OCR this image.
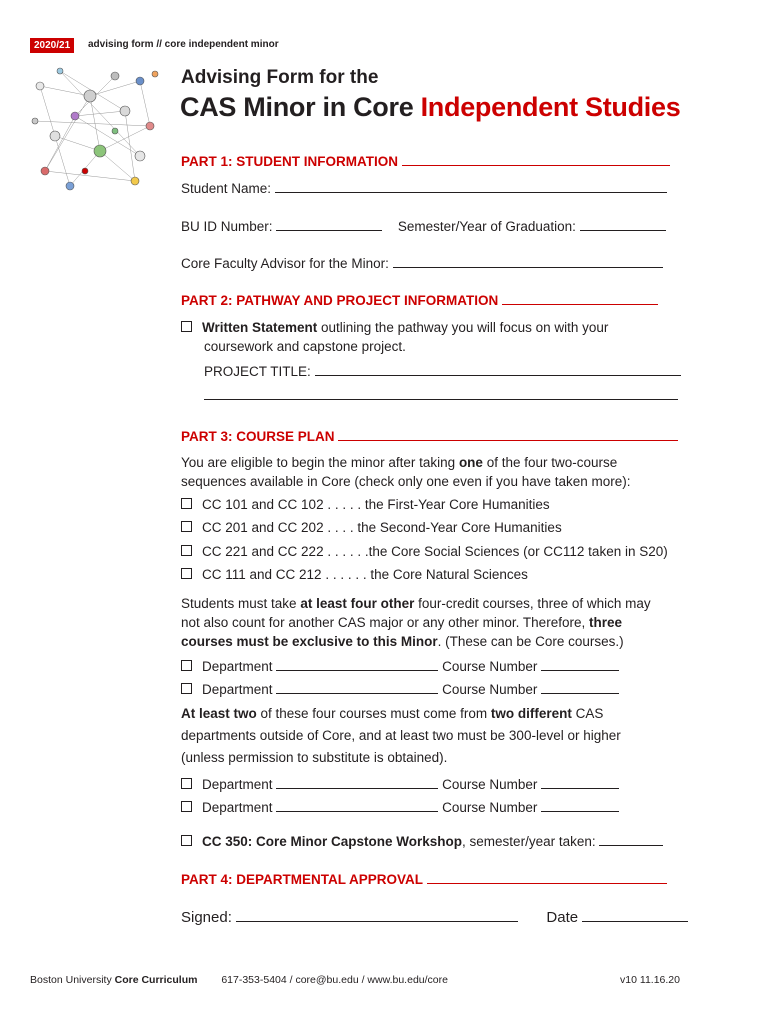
2020/21	advising form // core independent minor
Advising Form for the
CAS Minor in Core Independent Studies
PART 1: STUDENT INFORMATION
Student Name:
BU ID Number:	Semester/Year of Graduation:
Core Faculty Advisor for the Minor:
PART 2: PATHWAY AND PROJECT INFORMATION
Written Statement outlining the pathway you will focus on with your
coursework and capstone project.
PROJECT TITLE:
PART 3: COURSE PLAN
You are eligible to begin the minor after taking one of the four two-course
sequences available in Core (check only one even if you have taken more):
CC 101 and CC 102 . . . . . the First-Year Core Humanities
CC 201 and CC 202 . . . . the Second-Year Core Humanities
CC 221 and CC 222 . . . . . .the Core Social Sciences (or CC112 taken in S20)
CC 111 and CC 212 . . . . . . the Core Natural Sciences
Students must take at least four other four-credit courses, three of which may
not also count for another CAS major or any other minor. Therefore, three
courses must be exclusive to this Minor. (These can be Core courses.)
Department	Course Number
Department	Course Number
At least two of these four courses must come from two different CAS
departments outside of Core, and at least two must be 300-level or higher
(unless permission to substitute is obtained).
Department	Course Number
Department	Course Number
CC 350: Core Minor Capstone Workshop, semester/year taken:
PART 4: DEPARTMENTAL APPROVAL
Signed:	Date
Boston University Core Curriculum 617-353-5404 / core@bu.edu / www.bu.edu/core	v10 11.16.20
